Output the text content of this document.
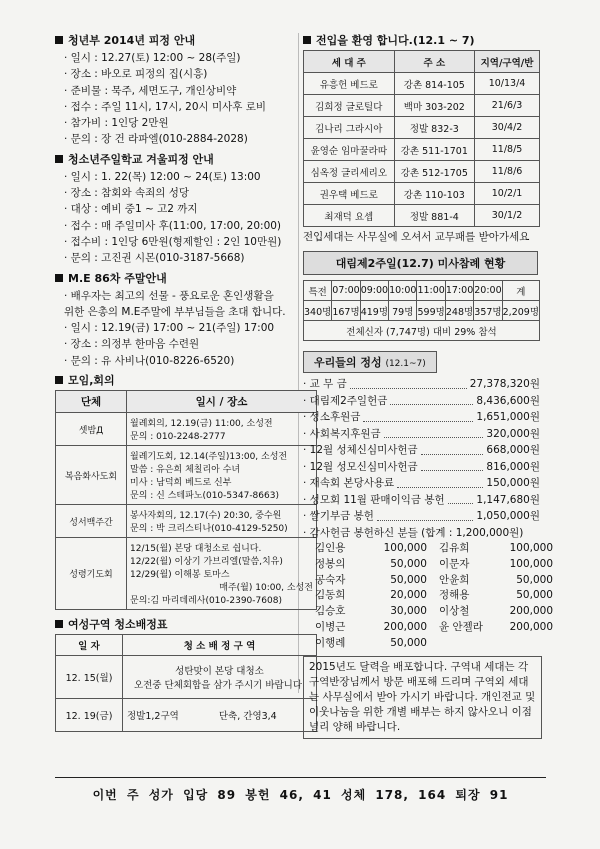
청년부 2014년 피정 안내
· 일시 : 12.27(토) 12:00 ~ 28(주일)
· 장소 : 바오로 피정의 집(시흥)
· 준비물 : 묵주, 세면도구, 개인상비약
· 접수 : 주일 11시, 17시, 20시 미사후 로비
· 참가비 : 1인당 2만원
· 문의 : 장 건 라파엘(010-2884-2028)
청소년주일학교 겨울피정 안내
· 일시 : 1. 22(목) 12:00 ~ 24(토) 13:00
· 장소 : 참회와 속죄의 성당
· 대상 : 예비 중1 ~ 고2 까지
· 접수 : 매 주일미사 후(11:00, 17:00, 20:00)
· 접수비 : 1인당 6만원(형제할인 : 2인 10만원)
· 문의 : 고진권 시몬(010-3187-5668)
M.E 86차 주말안내
· 배우자는 최고의 선물 - 풍요로운 혼인생활을
위한 은총의 M.E주말에 부부님들을 초대 합니다.
· 일시 : 12.19(금) 17:00 ~ 21(주일) 17:00
· 장소 : 의정부 한마음 수련원
· 문의 : 유 사비나(010-8226-6520)
모임,회의
단체	일시 / 장소
셋밤Д	월례회의, 12.19(금) 11:00, 소성전
문의 : 010-2248-2777

복음화사도회	월례기도회, 12.14(주일)13:00, 소성전
말씀 : 유은희 체칠리아 수녀
미사 : 남덕희 베드로 신부
문의 : 신 스테파노(010-5347-8663)

성서백주간	봉사자회의, 12.17(수) 20:30, 중수원
문의 : 박 크리스티나(010-4129-5250)

성령기도회	12/15(월) 본당 대청소로 쉽니다.
12/22(월) 이상기 가브리엘(말씀,치유)
12/29(월) 이해봉 토마스
매주(월) 10:00, 소성전
문의:김 마리데레사(010-2390-7608)
여성구역 청소배정표
일 자	청 소 배 정 구 역	
12. 15(월)	성탄맞이 본당 대청소
오전중 단체회합을 삼가 주시기 바랍니다.	

12. 19(금)	정발1,2구역	단축, 간영3,4
전입을 환영 합니다.(12.1 ~ 7)
세 대 주	주 소	지역/구역/반
유흥헌 베드로	강촌 814-105	10/13/4
김희정 글로틸다	백마 303-202	21/6/3
김나리 그라시아	정발 832-3	30/4/2
윤영순 임마꿀라따	강촌 511-1701	11/8/5
심옥정 글리세리오	강촌 512-1705	11/8/6
권우택 베드로	강촌 110-103	10/2/1
최재덕 요셉	정발 881-4	30/1/2
전입세대는 사무실에 오셔서 교무패를 받아가세요
대림제2주일(12.7) 미사참례 현황
특전	07:00	09:00	10:00	11:00	17:00	20:00	계
340명	167명	419명	79명	599명	248명	357명	2,209명
전체신자 (7,747명) 대비 29% 참석							
우리들의 정성 (12.1~7)
· 교 무 금	27,378,320원
· 대림제2주일헌금	8,436,600원
· 성소후원금	1,651,000원
· 사회복지후원금	320,000원
· 12월 성체신심미사헌금	668,000원
· 12월 성모신심미사헌금	816,000원
· 재속회 본당사용료	150,000원
· 성모회 11월 판매이익금 봉헌	1,147,680원
· 쌀기부금 봉헌	1,050,000원
· 감사헌금 봉헌하신 분들 (합계 : 1,200,000원)
김인용	100,000	김유희	100,000
정봉의	50,000	이문자	100,000
공숙자	50,000	안윤희	50,000
김동희	20,000	정해용	50,000
김승호	30,000	이상철	200,000
이병근	200,000	윤 안젤라	200,000
이행례	50,000
2015년도 달력을 배포합니다. 구역내 세대는 각 구역반장님께서 방문 배포해 드리며 구역외 세대는 사무실에서 받아 가시기 바랍니다. 개인전교 및 이웃나눔을 위한 개별 배부는 하지 않사오니 이점 널리 양해 바랍니다.
이번 주 성가 입당 89 봉헌 46, 41 성체 178, 164 퇴장 91
